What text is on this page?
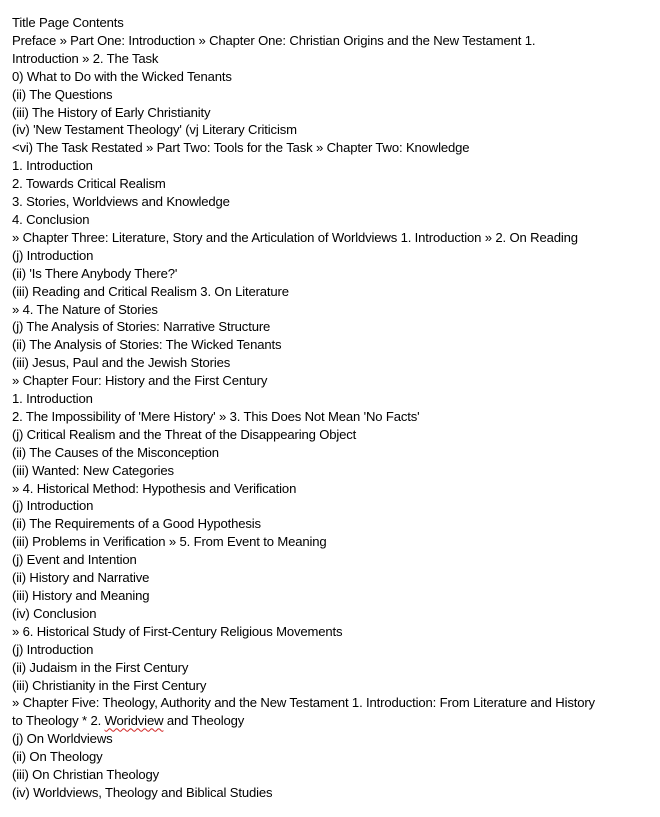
Title Page Contents
Preface » Part One: Introduction » Chapter One: Christian Origins and the New Testament 1.
Introduction » 2. The Task
0) What to Do with the Wicked Tenants
(ii) The Questions
(iii) The History of Early Christianity
(iv) 'New Testament Theology' (vj Literary Criticism
<vi) The Task Restated » Part Two: Tools for the Task » Chapter Two: Knowledge
1. Introduction
2. Towards Critical Realism
3. Stories, Worldviews and Knowledge
4. Conclusion
» Chapter Three: Literature, Story and the Articulation of Worldviews 1. Introduction » 2. On Reading
(j) Introduction
(ii) 'Is There Anybody There?'
(iii) Reading and Critical Realism 3. On Literature
» 4. The Nature of Stories
(j) The Analysis of Stories: Narrative Structure
(ii) The Analysis of Stories: The Wicked Tenants
(iii) Jesus, Paul and the Jewish Stories
» Chapter Four: History and the First Century
1. Introduction
2. The Impossibility of 'Mere History' » 3. This Does Not Mean 'No Facts'
(j) Critical Realism and the Threat of the Disappearing Object
(ii) The Causes of the Misconception
(iii) Wanted: New Categories
» 4. Historical Method: Hypothesis and Verification
(j) Introduction
(ii) The Requirements of a Good Hypothesis
(iii) Problems in Verification » 5. From Event to Meaning
(j) Event and Intention
(ii) History and Narrative
(iii) History and Meaning
(iv) Conclusion
» 6. Historical Study of First-Century Religious Movements
(j) Introduction
(ii) Judaism in the First Century
(iii) Christianity in the First Century
» Chapter Five: Theology, Authority and the New Testament 1. Introduction: From Literature and History
to Theology * 2. Woridview and Theology
(j) On Worldviews
(ii) On Theology
(iii) On Christian Theology
(iv) Worldviews, Theology and Biblical Studies
